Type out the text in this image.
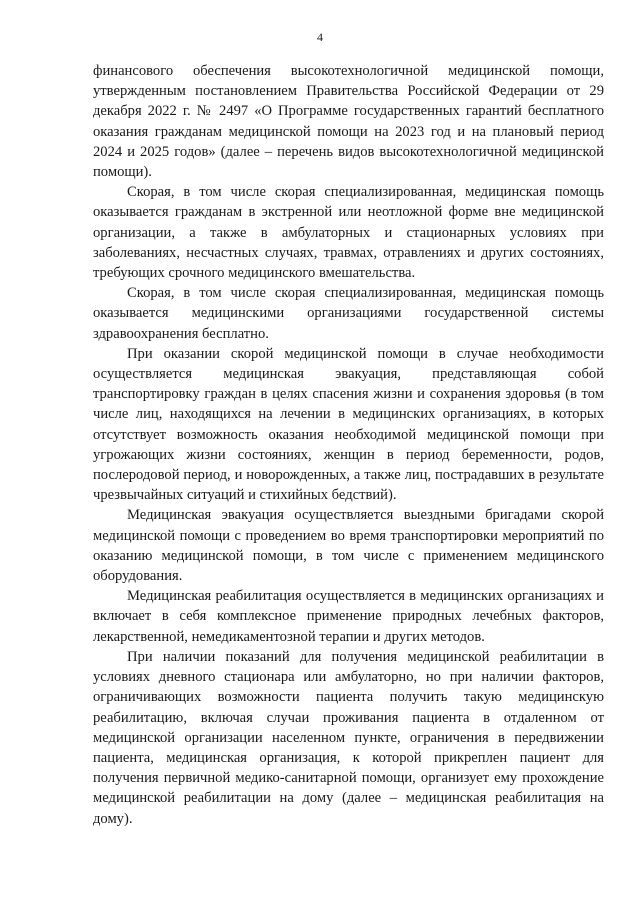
4

финансового обеспечения высокотехнологичной медицинской помощи, утвержденным постановлением Правительства Российской Федерации от 29 декабря 2022 г. № 2497 «О Программе государственных гарантий бесплатного оказания гражданам медицинской помощи на 2023 год и на плановый период 2024 и 2025 годов» (далее – перечень видов высокотехнологичной медицинской помощи).

Скорая, в том числе скорая специализированная, медицинская помощь оказывается гражданам в экстренной или неотложной форме вне медицинской организации, а также в амбулаторных и стационарных условиях при заболеваниях, несчастных случаях, травмах, отравлениях и других состояниях, требующих срочного медицинского вмешательства.

Скорая, в том числе скорая специализированная, медицинская помощь оказывается медицинскими организациями государственной системы здравоохранения бесплатно.

При оказании скорой медицинской помощи в случае необходимости осуществляется медицинская эвакуация, представляющая собой транспортировку граждан в целях спасения жизни и сохранения здоровья (в том числе лиц, находящихся на лечении в медицинских организациях, в которых отсутствует возможность оказания необходимой медицинской помощи при угрожающих жизни состояниях, женщин в период беременности, родов, послеродовой период, и новорожденных, а также лиц, пострадавших в результате чрезвычайных ситуаций и стихийных бедствий).

Медицинская эвакуация осуществляется выездными бригадами скорой медицинской помощи с проведением во время транспортировки мероприятий по оказанию медицинской помощи, в том числе с применением медицинского оборудования.

Медицинская реабилитация осуществляется в медицинских организациях и включает в себя комплексное применение природных лечебных факторов, лекарственной, немедикаментозной терапии и других методов.

При наличии показаний для получения медицинской реабилитации в условиях дневного стационара или амбулаторно, но при наличии факторов, ограничивающих возможности пациента получить такую медицинскую реабилитацию, включая случаи проживания пациента в отдаленном от медицинской организации населенном пункте, ограничения в передвижении пациента, медицинская организация, к которой прикреплен пациент для получения первичной медико-санитарной помощи, организует ему прохождение медицинской реабилитации на дому (далее – медицинская реабилитация на дому).
